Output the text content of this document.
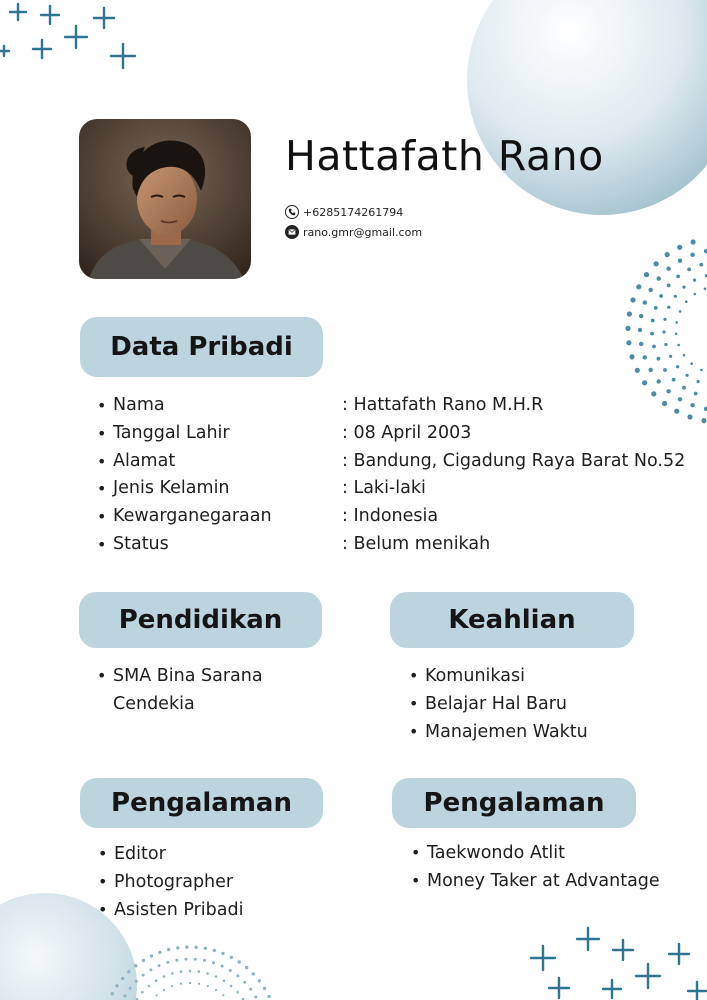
Hattafath Rano
+6285174261794
rano.gmr@gmail.com
Data Pribadi
• Nama
• Tanggal Lahir
• Alamat
• Jenis Kelamin
• Kewarganegaraan
• Status
: Hattafath Rano M.H.R
: 08 April 2003
: Bandung, Cigadung Raya Barat No.52
: Laki-laki
: Indonesia
: Belum menikah
Pendidikan
• SMA Bina Sarana Cendekia
Keahlian
• Komunikasi
• Belajar Hal Baru
• Manajemen Waktu
Pengalaman
• Editor
• Photographer
• Asisten Pribadi
Pengalaman
• Taekwondo Atlit
• Money Taker at Advantage
